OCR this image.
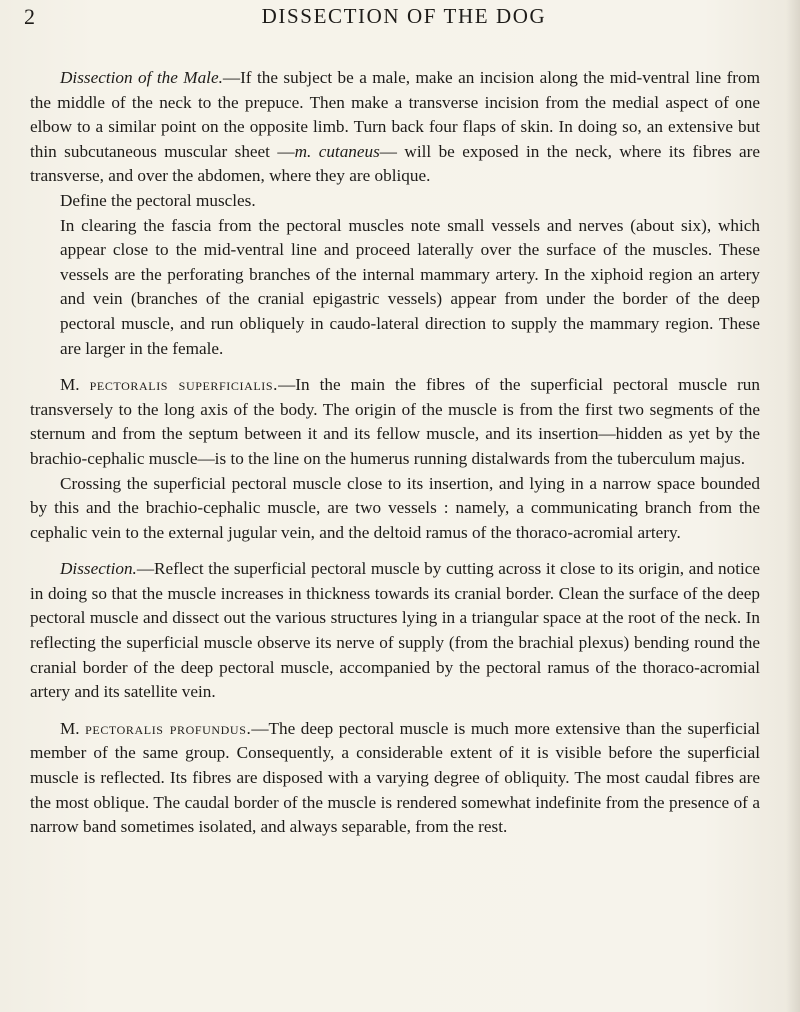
2	DISSECTION OF THE DOG

Dissection of the Male.—If the subject be a male, make an incision along the mid-ventral line from the middle of the neck to the prepuce. Then make a transverse incision from the medial aspect of one elbow to a similar point on the opposite limb. Turn back four flaps of skin. In doing so, an extensive but thin subcutaneous muscular sheet —m. cutaneus— will be exposed in the neck, where its fibres are transverse, and over the abdomen, where they are oblique.

Define the pectoral muscles.

In clearing the fascia from the pectoral muscles note small vessels and nerves (about six), which appear close to the mid-ventral line and proceed laterally over the surface of the muscles. These vessels are the perforating branches of the internal mammary artery. In the xiphoid region an artery and vein (branches of the cranial epigastric vessels) appear from under the border of the deep pectoral muscle, and run obliquely in caudo-lateral direction to supply the mammary region. These are larger in the female.

M. pectoralis superficialis.—In the main the fibres of the superficial pectoral muscle run transversely to the long axis of the body. The origin of the muscle is from the first two segments of the sternum and from the septum between it and its fellow muscle, and its insertion—hidden as yet by the brachio-cephalic muscle—is to the line on the humerus running distalwards from the tuberculum majus.

Crossing the superficial pectoral muscle close to its insertion, and lying in a narrow space bounded by this and the brachio-cephalic muscle, are two vessels : namely, a communicating branch from the cephalic vein to the external jugular vein, and the deltoid ramus of the thoraco-acromial artery.

Dissection.—Reflect the superficial pectoral muscle by cutting across it close to its origin, and notice in doing so that the muscle increases in thickness towards its cranial border. Clean the surface of the deep pectoral muscle and dissect out the various structures lying in a triangular space at the root of the neck. In reflecting the superficial muscle observe its nerve of supply (from the brachial plexus) bending round the cranial border of the deep pectoral muscle, accompanied by the pectoral ramus of the thoraco-acromial artery and its satellite vein.

M. pectoralis profundus.—The deep pectoral muscle is much more extensive than the superficial member of the same group. Consequently, a considerable extent of it is visible before the superficial muscle is reflected. Its fibres are disposed with a varying degree of obliquity. The most caudal fibres are the most oblique. The caudal border of the muscle is rendered somewhat indefinite from the presence of a narrow band sometimes isolated, and always separable, from the rest.
